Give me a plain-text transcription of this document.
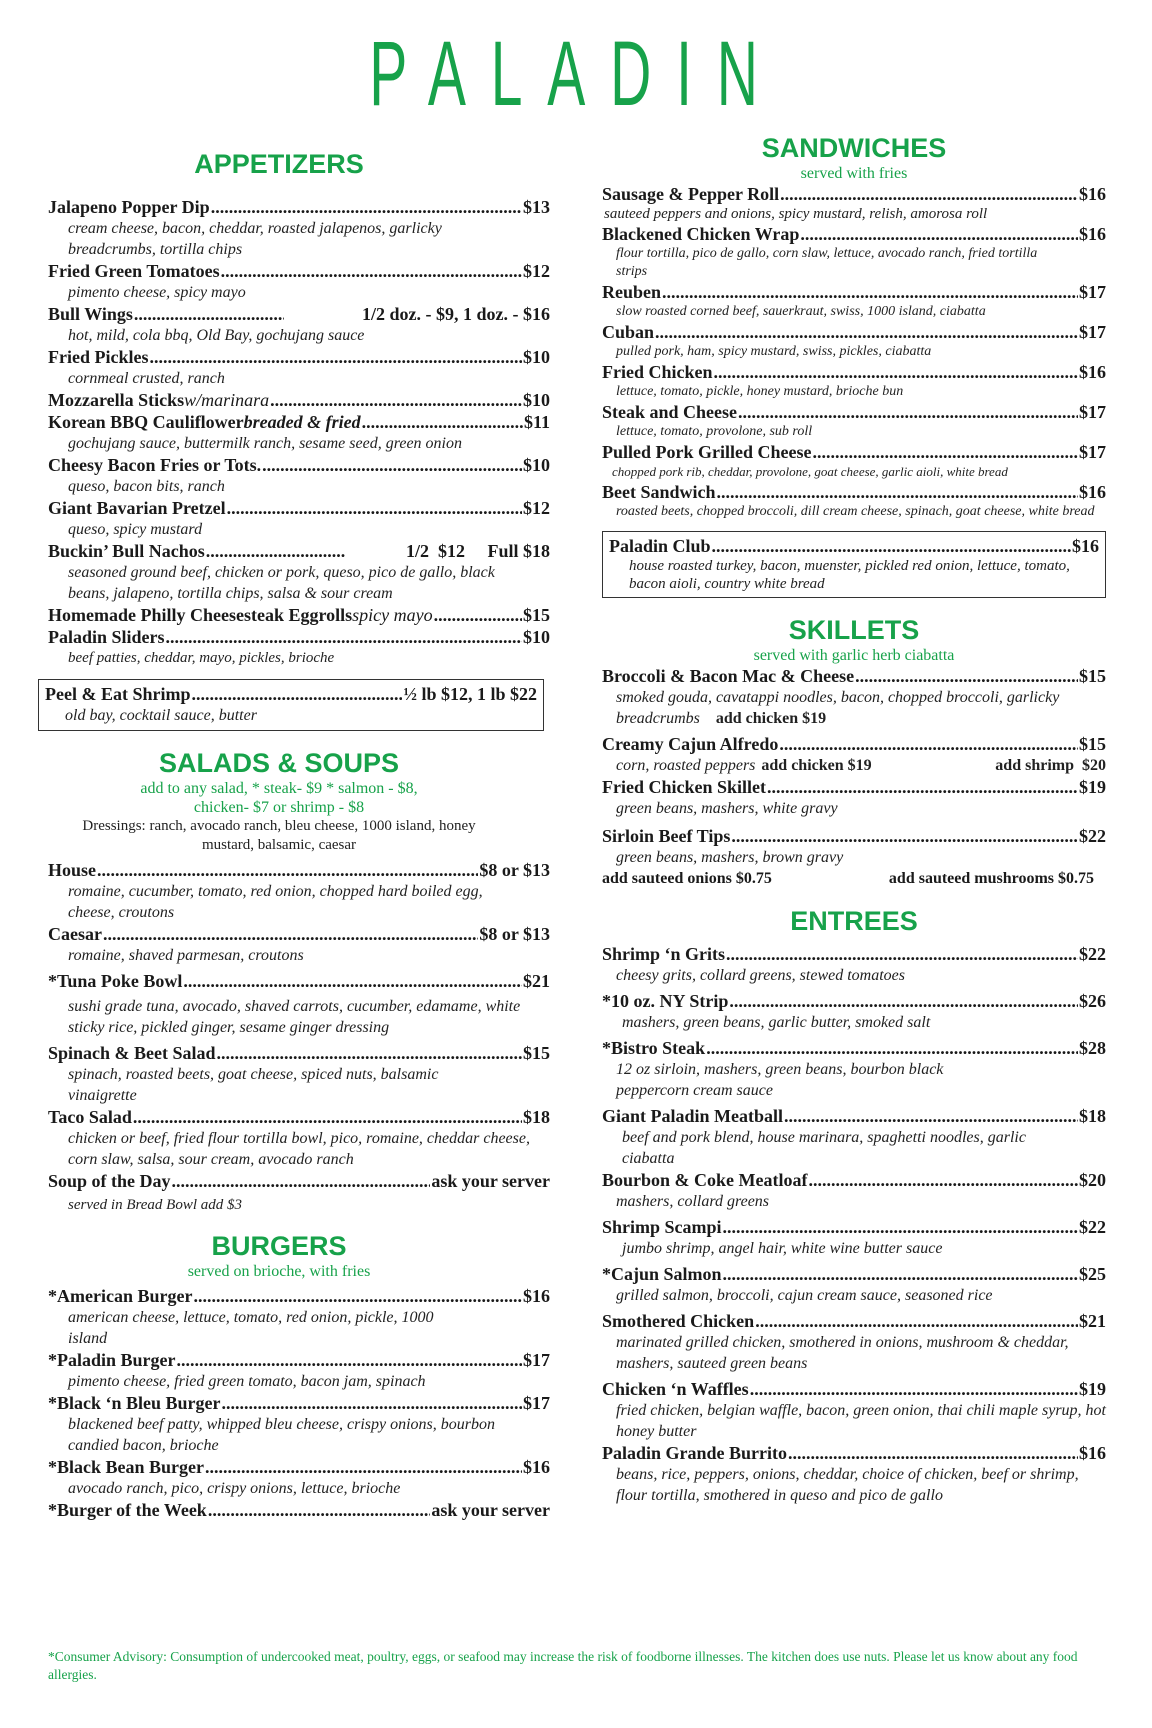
PALADIN
APPETIZERS
Jalapeno Popper Dip .....	$13
cream cheese, bacon, cheddar, roasted jalapenos, garlicky breadcrumbs, tortilla chips
Fried Green Tomatoes .....	$12
pimento cheese, spicy mayo
Bull Wings .....	1/2 doz. - $9, 1 doz. - $16
hot, mild, cola bbq, Old Bay, gochujang sauce
Fried Pickles .....	$10
cornmeal crusted, ranch
Mozzarella Sticks w/marinara .....	$10
Korean BBQ Cauliflower breaded & fried .....	$11
gochujang sauce, buttermilk ranch, sesame seed, green onion
Cheesy Bacon Fries or Tots. .....	$10
queso, bacon bits, ranch
Giant Bavarian Pretzel .....	$12
queso, spicy mustard
Buckin’ Bull Nachos .....	1/2  $12     Full $18
seasoned ground beef, chicken or pork, queso, pico de gallo, black beans, jalapeno, tortilla chips, salsa & sour cream
Homemade Philly Cheesesteak Eggrolls spicy mayo .....	$15
Paladin Sliders .....	$10
beef patties, cheddar, mayo, pickles, brioche
Peel & Eat Shrimp .....	½ lb $12, 1 lb $22
old bay, cocktail sauce, butter
SALADS & SOUPS
add to any salad, * steak- $9 * salmon - $8,
chicken- $7 or shrimp - $8
Dressings: ranch, avocado ranch, bleu cheese, 1000 island, honey
mustard, balsamic, caesar
House .....	$8 or $13
romaine, cucumber, tomato, red onion, chopped hard boiled egg, cheese, croutons
Caesar .....	$8 or $13
romaine, shaved parmesan, croutons
*Tuna Poke Bowl .....	$21
sushi grade tuna, avocado, shaved carrots, cucumber, edamame, white sticky rice, pickled ginger, sesame ginger dressing
Spinach & Beet Salad .....	$15
spinach, roasted beets, goat cheese, spiced nuts, balsamic vinaigrette
Taco Salad .....	$18
chicken or beef, fried flour tortilla bowl, pico, romaine, cheddar cheese, corn slaw, salsa, sour cream, avocado ranch
Soup of the Day .....	ask your server
served in Bread Bowl add $3
BURGERS
served on brioche, with fries
*American Burger .....	$16
american cheese, lettuce, tomato, red onion, pickle, 1000 island
*Paladin Burger .....	$17
pimento cheese, fried green tomato, bacon jam, spinach
*Black ‘n Bleu Burger .....	$17
blackened beef patty, whipped bleu cheese, crispy onions, bourbon candied bacon, brioche
*Black Bean Burger .....	$16
avocado ranch, pico, crispy onions, lettuce, brioche
*Burger of the Week .....	ask your server
SANDWICHES
served with fries
Sausage & Pepper Roll .....	$16
sauteed peppers and onions, spicy mustard, relish, amorosa roll
Blackened Chicken Wrap .....	$16
flour tortilla, pico de gallo, corn slaw, lettuce, avocado ranch, fried tortilla strips
Reuben .....	$17
slow roasted corned beef, sauerkraut, swiss, 1000 island, ciabatta
Cuban .....	$17
pulled pork, ham, spicy mustard, swiss, pickles, ciabatta
Fried Chicken .....	$16
lettuce, tomato, pickle, honey mustard, brioche bun
Steak and Cheese .....	$17
lettuce, tomato, provolone, sub roll
Pulled Pork Grilled Cheese .....	$17
chopped pork rib, cheddar, provolone, goat cheese, garlic aioli, white bread
Beet Sandwich .....	$16
roasted beets, chopped broccoli, dill cream cheese, spinach, goat cheese, white bread
Paladin Club .....	$16
house roasted turkey, bacon, muenster, pickled red onion, lettuce, tomato, bacon aioli, country white bread
SKILLETS
served with garlic herb ciabatta
Broccoli & Bacon Mac & Cheese .....	$15
smoked gouda, cavatappi noodles, bacon, chopped broccoli, garlicky breadcrumbs add chicken $19
Creamy Cajun Alfredo .....	$15
corn, roasted peppers add chicken $19	add shrimp  $20
Fried Chicken Skillet .....	$19
green beans, mashers, white gravy
Sirloin Beef Tips .....	$22
green beans, mashers, brown gravy
add sauteed onions $0.75	add sauteed mushrooms $0.75
ENTREES
Shrimp ‘n Grits .....	$22
cheesy grits, collard greens, stewed tomatoes
*10 oz. NY Strip .....	$26
mashers, green beans, garlic butter, smoked salt
*Bistro Steak .....	$28
12 oz sirloin, mashers, green beans, bourbon black peppercorn cream sauce
Giant Paladin Meatball .....	$18
beef and pork blend, house marinara, spaghetti noodles, garlic ciabatta
Bourbon & Coke Meatloaf .....	$20
mashers, collard greens
Shrimp Scampi .....	$22
jumbo shrimp, angel hair, white wine butter sauce
*Cajun Salmon .....	$25
grilled salmon, broccoli, cajun cream sauce, seasoned rice
Smothered Chicken .....	$21
marinated grilled chicken, smothered in onions, mushroom & cheddar, mashers, sauteed green beans
Chicken ‘n Waffles .....	$19
fried chicken, belgian waffle, bacon, green onion, thai chili maple syrup, hot honey butter
Paladin Grande Burrito .....	$16
beans, rice, peppers, onions, cheddar, choice of chicken, beef or shrimp, flour tortilla, smothered in queso and pico de gallo
*Consumer Advisory: Consumption of undercooked meat, poultry, eggs, or seafood may increase the risk of foodborne illnesses. The kitchen does use nuts. Please let us know about any food allergies.
